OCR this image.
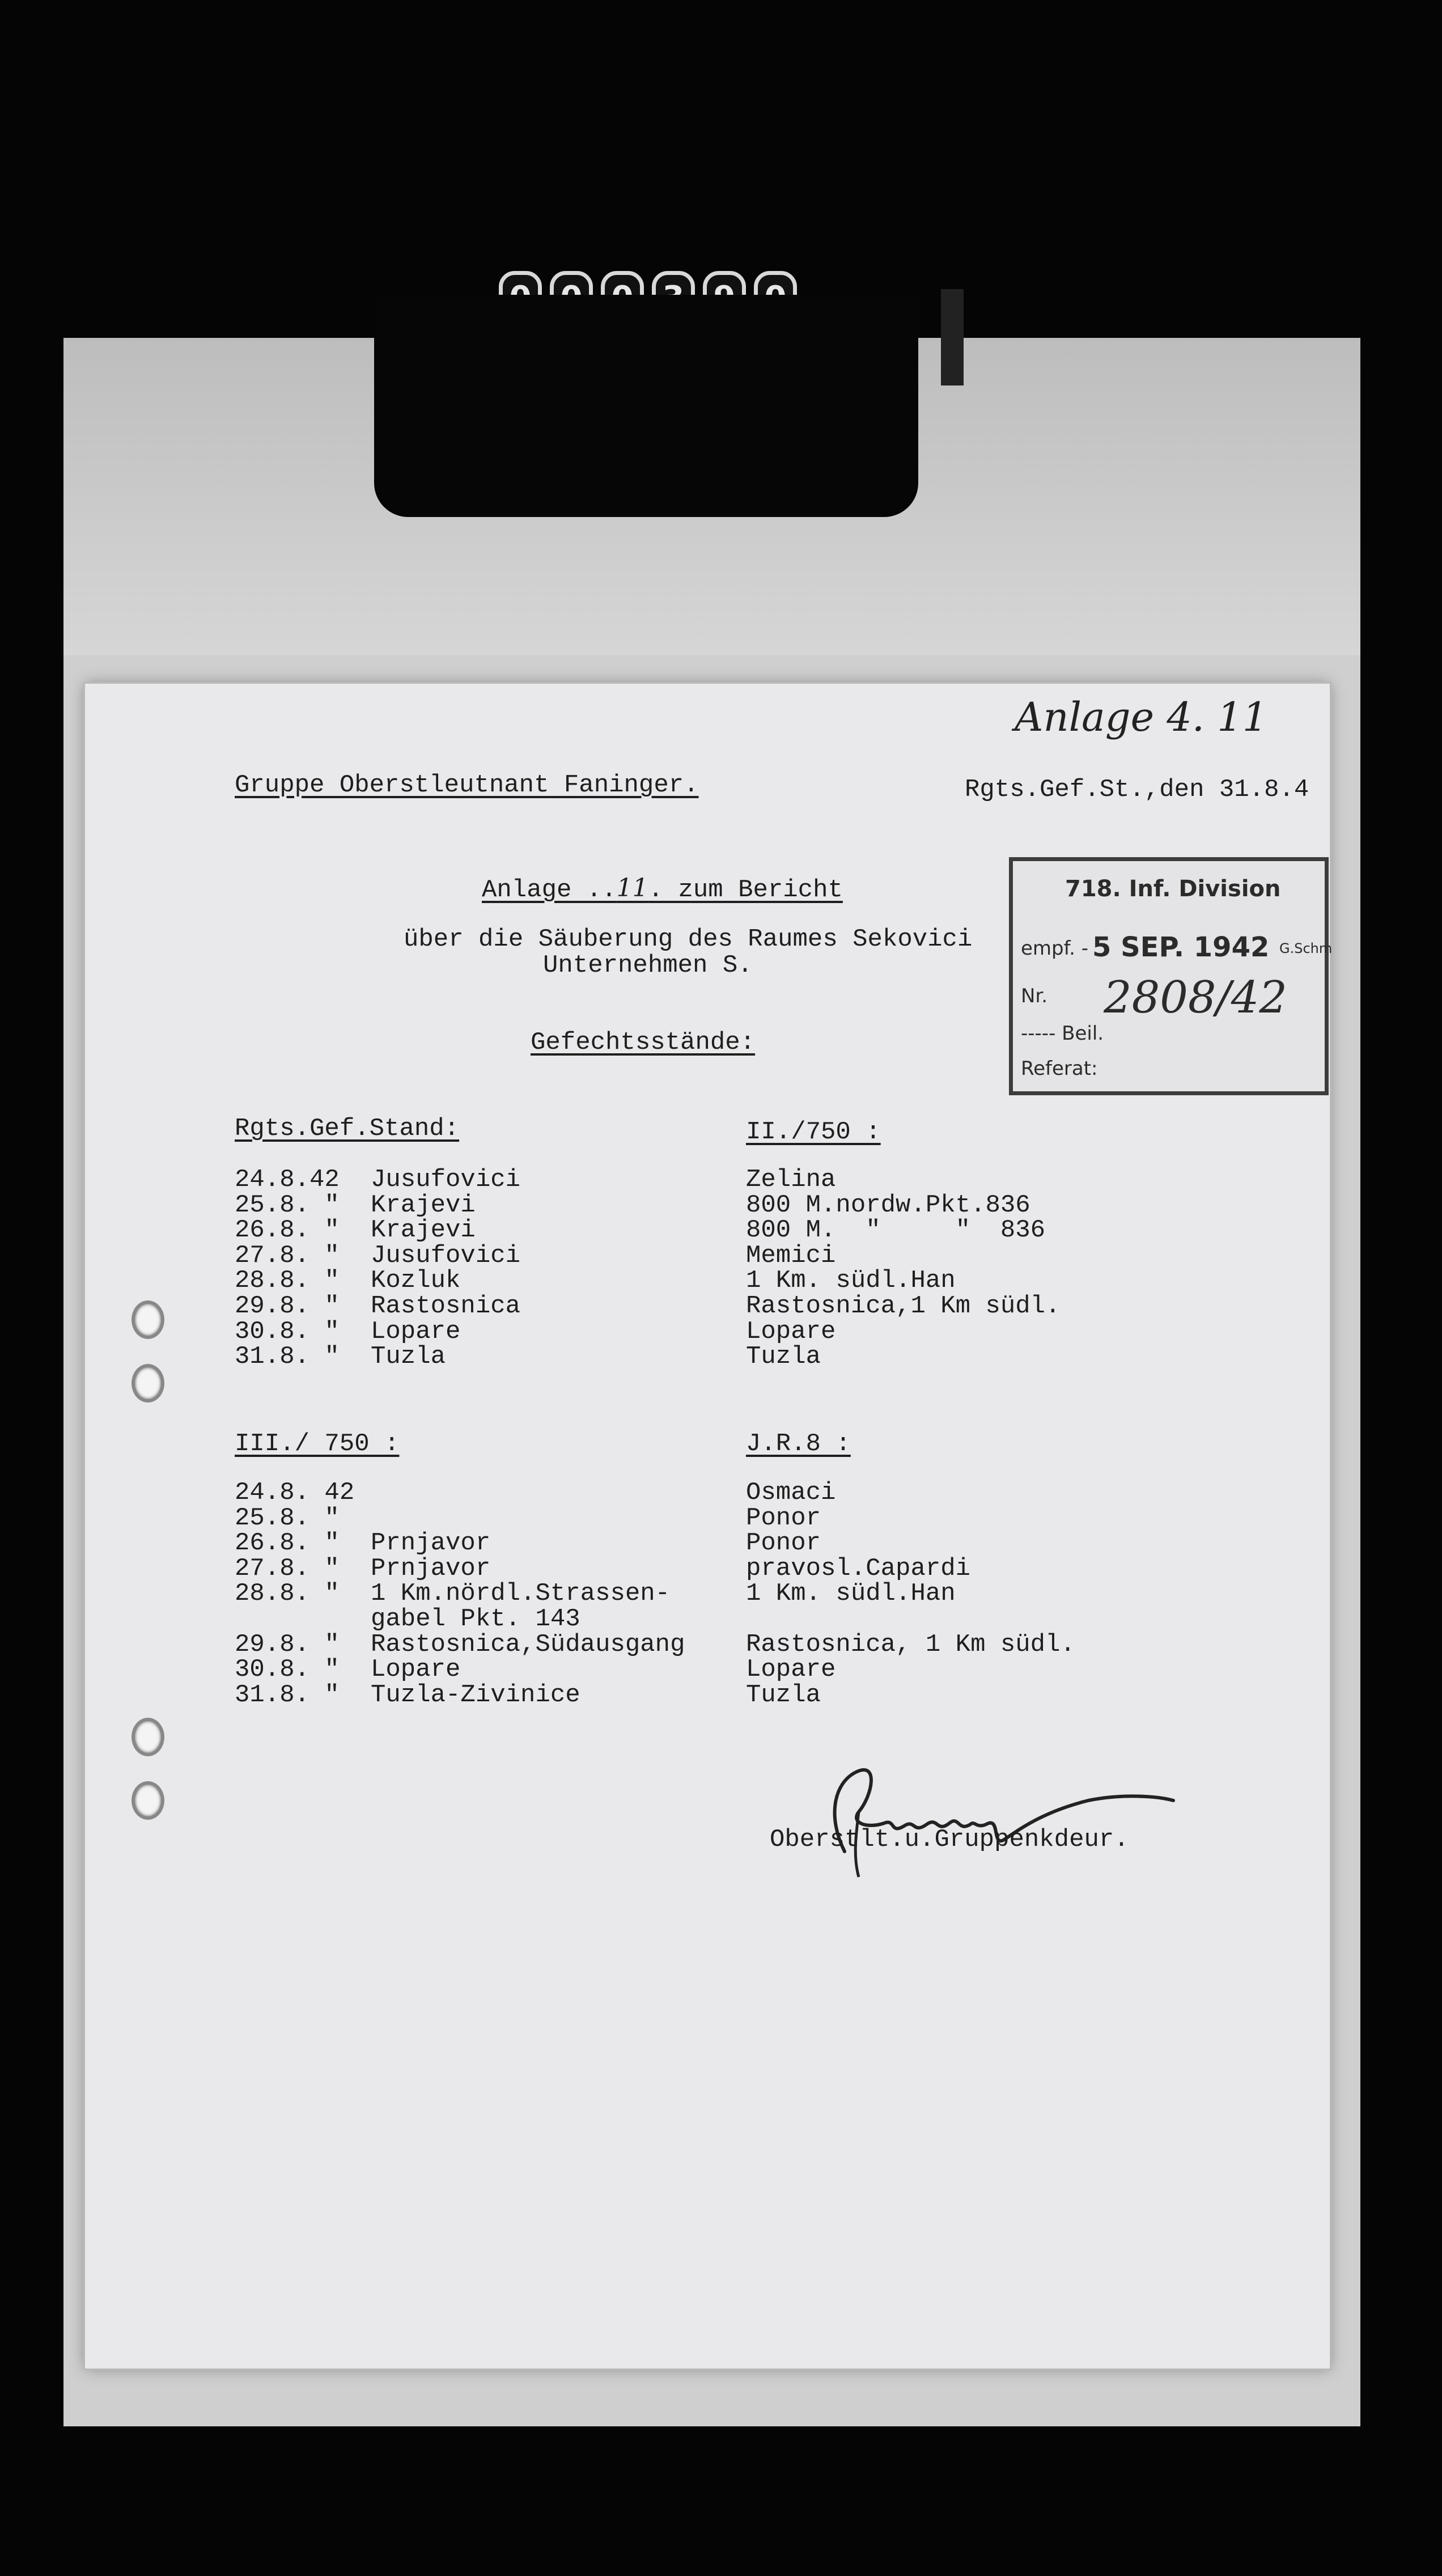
Anlage 4. 11
Gruppe Oberstleutnant Faninger.	Rgts.Gef.St.,den 31.8.4
Anlage ..11. zum Bericht
über die Säuberung des Raumes Sekovici
Unternehmen S.
Gefechtsstände:
Rgts.Gef.Stand:
24.8.42 Jusufovici
25.8. " Krajevi
26.8. " Krajevi
27.8. " Jusufovici
28.8. " Kozluk
29.8. " Rastosnica
30.8. " Lopare
31.8. " Tuzla
II./750 :
Zelina
800 M.nordw.Pkt.836
800 M.  "     "  836
Memici
1 Km. südl.Han
Rastosnica,1 Km südl.
Lopare
Tuzla
III./ 750 :
24.8. 42
25.8. "
26.8. " Prnjavor
27.8. " Prnjavor
28.8. " 1 Km.nördl.Strassen-
gabel Pkt. 143
29.8. " Rastosnica,Südausgang
30.8. " Lopare
31.8. " Tuzla-Zivinice
J.R.8 :
Osmaci
Ponor
Ponor
pravosl.Capardi
1 Km. südl.Han
Rastosnica, 1 Km südl.
Lopare
Tuzla
Oberstlt.u.Gruppenkdeur.
718. Inf. Division
empf. - 5 SEP. 1942 G.Schm
Nr. 2808/42
----- Beil.
Referat:
